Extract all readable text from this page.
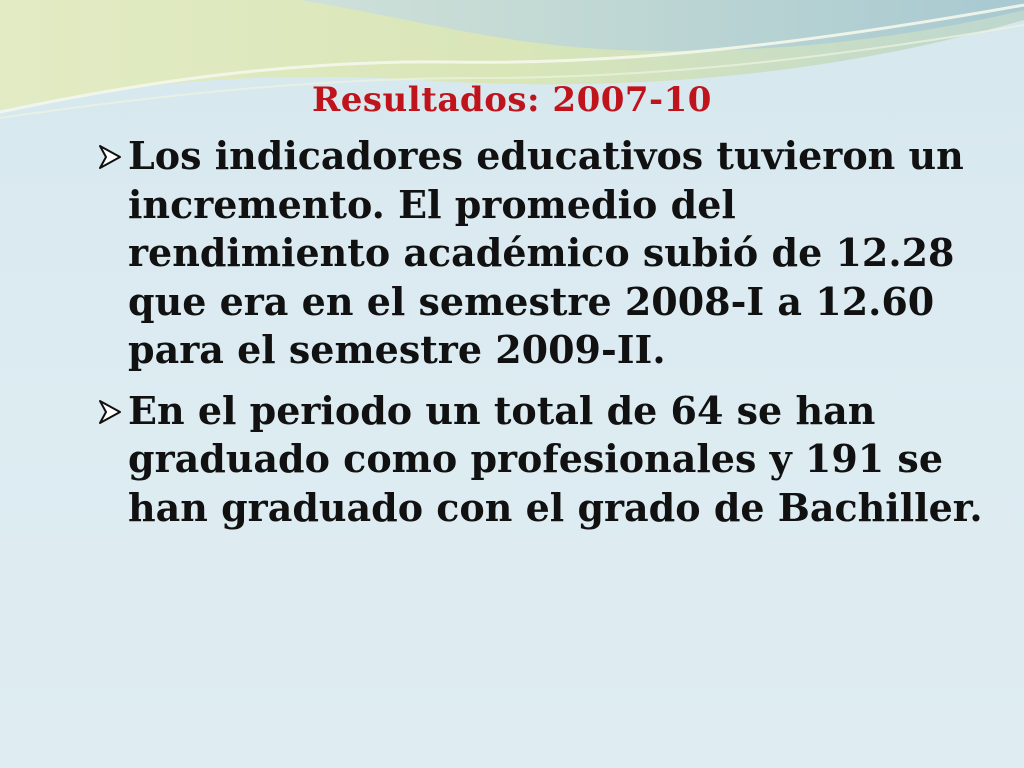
Resultados: 2007-10
Los indicadores educativos tuvieron un incremento. El promedio del rendimiento académico subió de 12.28 que era en el semestre 2008-I a 12.60 para el semestre 2009-II.
En el periodo un total de 64 se han graduado como profesionales y 191 se han graduado con el grado de Bachiller.
